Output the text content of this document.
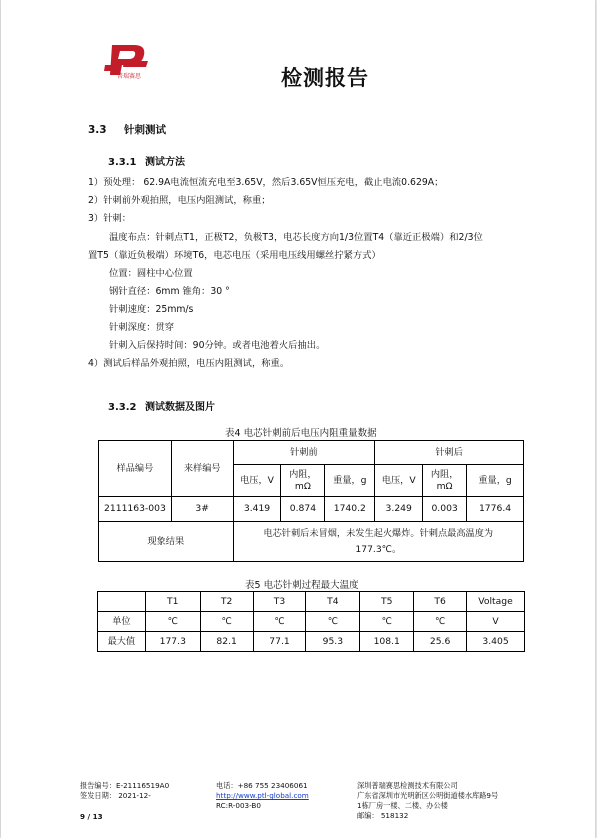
普瑞赛思	检测报告
3.3 针刺测试
3.3.1 测试方法
1）预处理： 62.9A电流恒流充电至3.65V，然后3.65V恒压充电，截止电流0.629A；
2）针刺前外观拍照，电压内阻测试，称重；
3）针刺：
温度布点：针刺点T1，正极T2，负极T3，电芯长度方向1/3位置T4（靠近正极端）和2/3位
置T5（靠近负极端）环境T6，电芯电压（采用电压线用螺丝拧紧方式）
位置：圆柱中心位置
钢针直径：6mm 锥角：30 °
针刺速度：25mm/s
针刺深度：贯穿
针刺入后保持时间：90分钟。或者电池着火后抽出。
4）测试后样品外观拍照，电压内阻测试，称重。
3.3.2 测试数据及图片
表4 电芯针刺前后电压内阻重量数据
样品编号	来样编号	针刺前			针刺后		
		电压，V	内阻，mΩ	重量，g	电压，V	内阻，mΩ	重量，g
2111163-003	3#	3.419	0.874	1740.2	3.249	0.003	1776.4
现象结果		电芯针刺后未冒烟，未发生起火爆炸。针刺点最高温度为177.3℃。					
表5 电芯针刺过程最大温度
	T1	T2	T3	T4	T5	T6	Voltage
单位	℃	℃	℃	℃	℃	℃	V
最大值	177.3	82.1	77.1	95.3	108.1	25.6	3.405
报告编号：E-21116519A0
签发日期： 2021-12-
9 / 13
电话：+86 755 23406061
http://www.ptl-global.com
RC:R-003-B0
深圳普瑞赛思检测技术有限公司
广东省深圳市光明新区公明街道楼水库路9号
1栋厂房一楼、二楼、办公楼
邮编： 518132
